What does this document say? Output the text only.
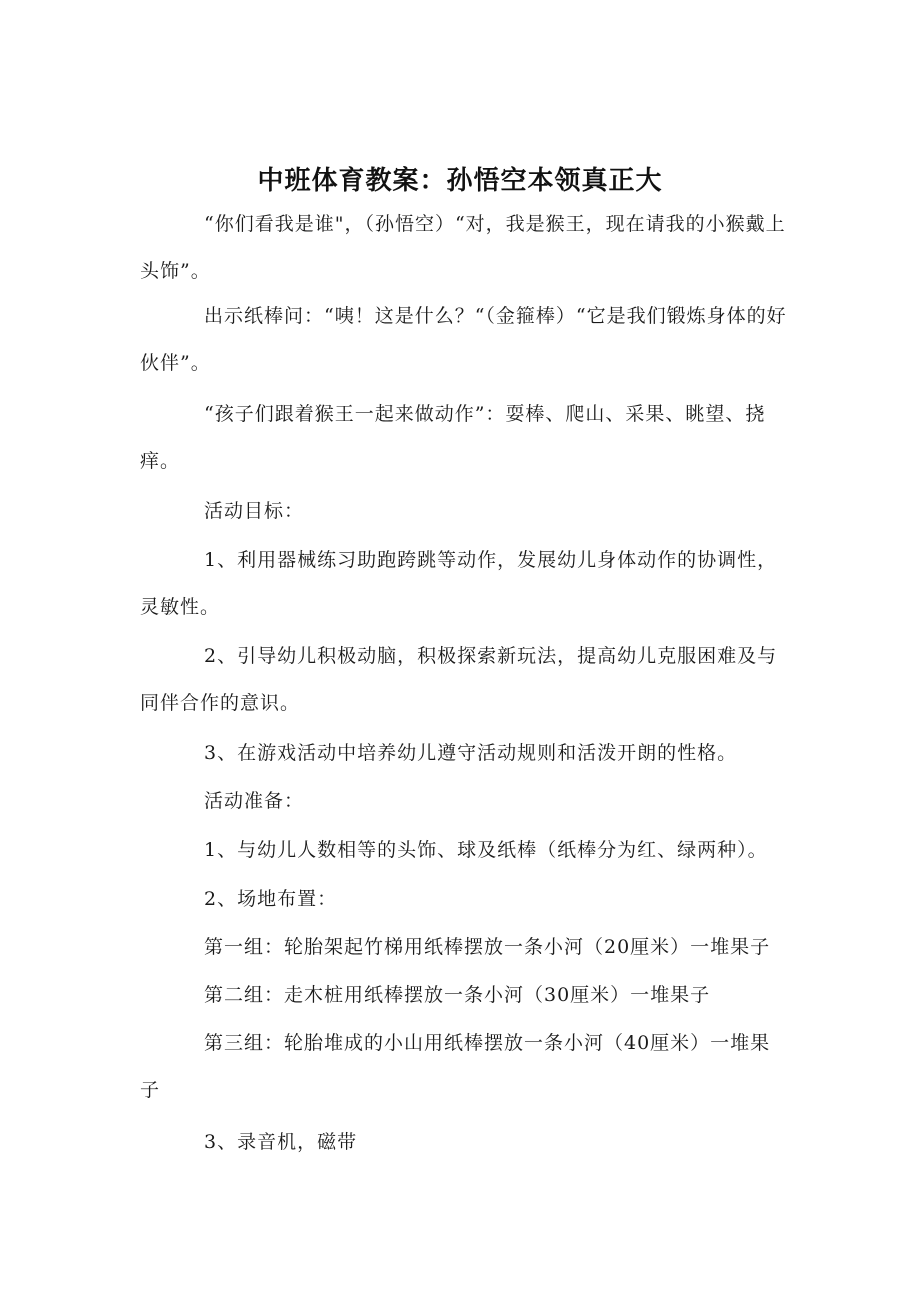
中班体育教案：孙悟空本领真正大

“你们看我是谁"，（孙悟空）“对，我是猴王，现在请我的小猴戴上头饰”。

出示纸棒问：“咦！这是什么？“（金箍棒）“它是我们锻炼身体的好伙伴”。

“孩子们跟着猴王一起来做动作”：耍棒、爬山、采果、眺望、挠痒。

活动目标：

1、利用器械练习助跑跨跳等动作，发展幼儿身体动作的协调性，灵敏性。

2、引导幼儿积极动脑，积极探索新玩法，提高幼儿克服困难及与同伴合作的意识。

3、在游戏活动中培养幼儿遵守活动规则和活泼开朗的性格。

活动准备：

1、与幼儿人数相等的头饰、球及纸棒（纸棒分为红、绿两种）。

2、场地布置：

第一组：轮胎架起竹梯用纸棒摆放一条小河（20厘米）一堆果子

第二组：走木桩用纸棒摆放一条小河（30厘米）一堆果子

第三组：轮胎堆成的小山用纸棒摆放一条小河（40厘米）一堆果子

3、录音机，磁带
